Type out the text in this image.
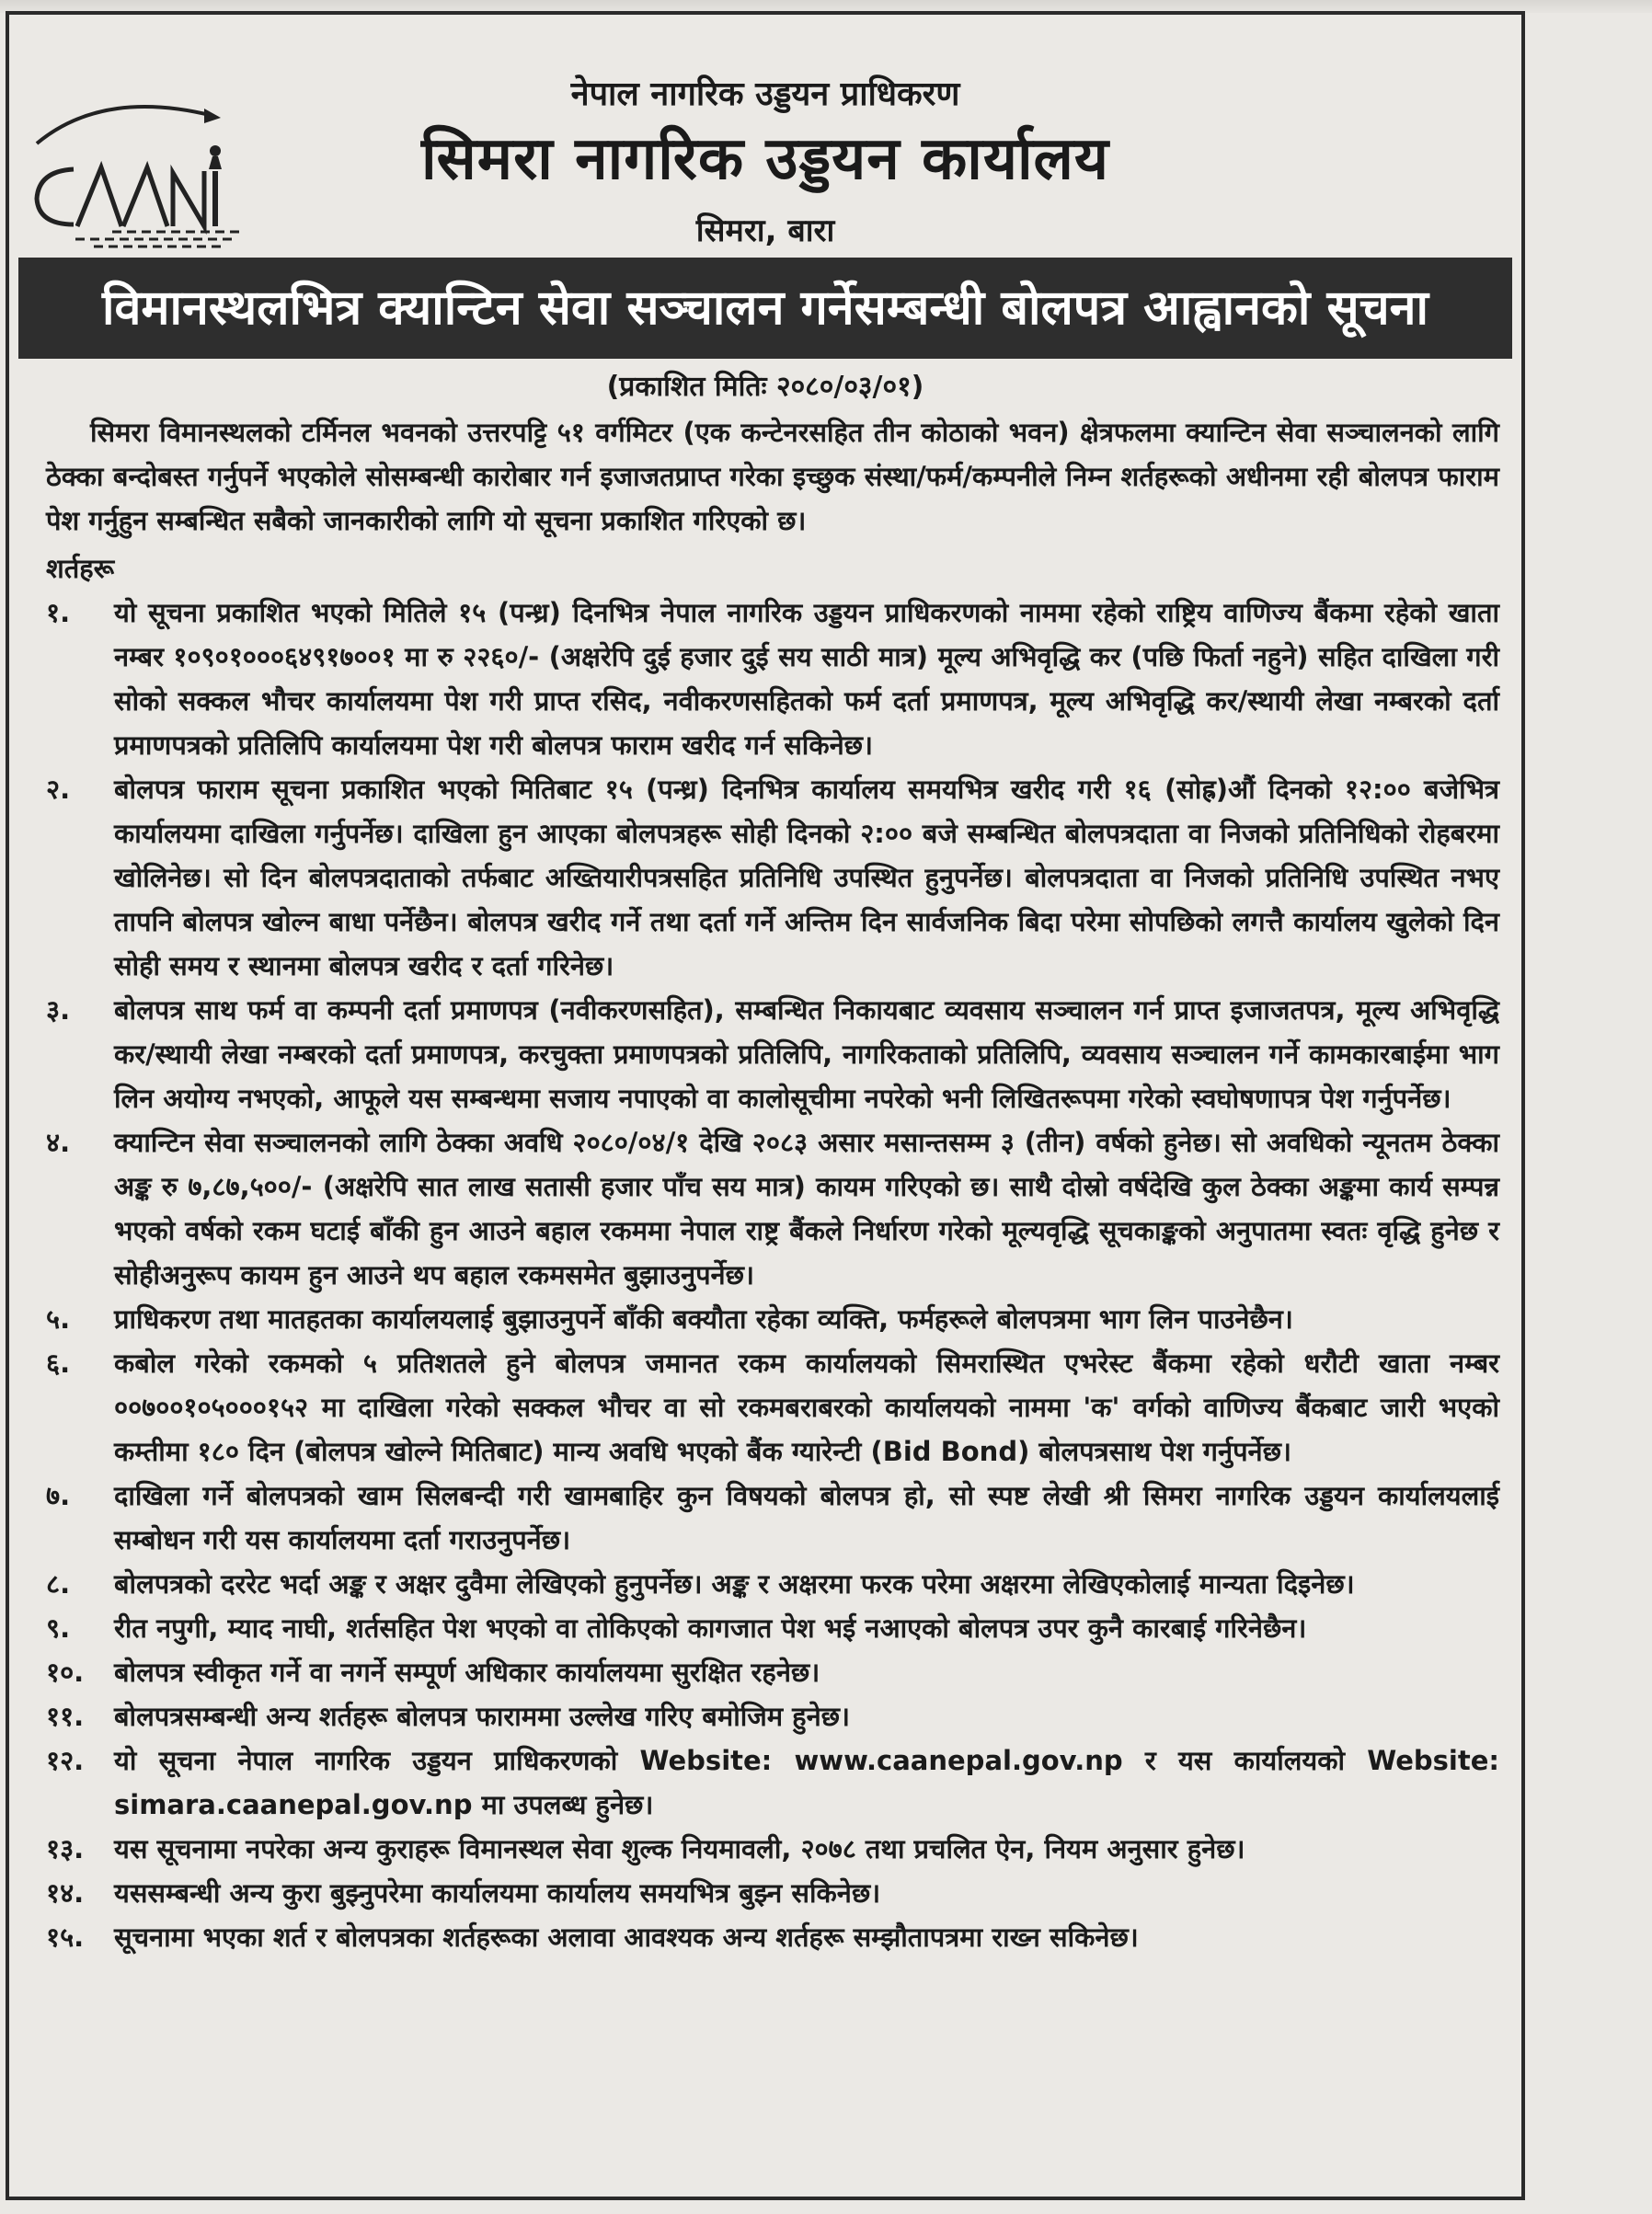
नेपाल नागरिक उड्डयन प्राधिकरण
सिमरा नागरिक उड्डयन कार्यालय
सिमरा, बारा
विमानस्थलभित्र क्यान्टिन सेवा सञ्चालन गर्नेसम्बन्धी बोलपत्र आह्वानको सूचना
(प्रकाशित मितिः २०८०/०३/०१)

सिमरा विमानस्थलको टर्मिनल भवनको उत्तरपट्टि ५१ वर्गमिटर (एक कन्टेनरसहित तीन कोठाको भवन) क्षेत्रफलमा क्यान्टिन सेवा सञ्चालनको लागि ठेक्का बन्दोबस्त गर्नुपर्ने भएकोले सोसम्बन्धी कारोबार गर्न इजाजतप्राप्त गरेका इच्छुक संस्था/फर्म/कम्पनीले निम्न शर्तहरूको अधीनमा रही बोलपत्र फाराम पेश गर्नुहुन सम्बन्धित सबैको जानकारीको लागि यो सूचना प्रकाशित गरिएको छ।

शर्तहरू
१.	यो सूचना प्रकाशित भएको मितिले १५ (पन्ध्र) दिनभित्र नेपाल नागरिक उड्डयन प्राधिकरणको नाममा रहेको राष्ट्रिय वाणिज्य बैंकमा रहेको खाता नम्बर १०९०१०००६४९१७००१ मा रु २२६०/- (अक्षरेपि दुई हजार दुई सय साठी मात्र) मूल्य अभिवृद्धि कर (पछि फिर्ता नहुने) सहित दाखिला गरी सोको सक्कल भौचर कार्यालयमा पेश गरी प्राप्त रसिद, नवीकरणसहितको फर्म दर्ता प्रमाणपत्र, मूल्य अभिवृद्धि कर/स्थायी लेखा नम्बरको दर्ता प्रमाणपत्रको प्रतिलिपि कार्यालयमा पेश गरी बोलपत्र फाराम खरीद गर्न सकिनेछ।
२.	बोलपत्र फाराम सूचना प्रकाशित भएको मितिबाट १५ (पन्ध्र) दिनभित्र कार्यालय समयभित्र खरीद गरी १६ (सोह्र)औं दिनको १२:०० बजेभित्र कार्यालयमा दाखिला गर्नुपर्नेछ। दाखिला हुन आएका बोलपत्रहरू सोही दिनको २:०० बजे सम्बन्धित बोलपत्रदाता वा निजको प्रतिनिधिको रोहबरमा खोलिनेछ। सो दिन बोलपत्रदाताको तर्फबाट अख्तियारीपत्रसहित प्रतिनिधि उपस्थित हुनुपर्नेछ। बोलपत्रदाता वा निजको प्रतिनिधि उपस्थित नभए तापनि बोलपत्र खोल्न बाधा पर्नेछैन। बोलपत्र खरीद गर्ने तथा दर्ता गर्ने अन्तिम दिन सार्वजनिक बिदा परेमा सोपछिको लगत्तै कार्यालय खुलेको दिन सोही समय र स्थानमा बोलपत्र खरीद र दर्ता गरिनेछ।
३.	बोलपत्र साथ फर्म वा कम्पनी दर्ता प्रमाणपत्र (नवीकरणसहित), सम्बन्धित निकायबाट व्यवसाय सञ्चालन गर्न प्राप्त इजाजतपत्र, मूल्य अभिवृद्धि कर/स्थायी लेखा नम्बरको दर्ता प्रमाणपत्र, करचुक्ता प्रमाणपत्रको प्रतिलिपि, नागरिकताको प्रतिलिपि, व्यवसाय सञ्चालन गर्ने कामकारबाईमा भाग लिन अयोग्य नभएको, आफूले यस सम्बन्धमा सजाय नपाएको वा कालोसूचीमा नपरेको भनी लिखितरूपमा गरेको स्वघोषणापत्र पेश गर्नुपर्नेछ।
४.	क्यान्टिन सेवा सञ्चालनको लागि ठेक्का अवधि २०८०/०४/१ देखि २०८३ असार मसान्तसम्म ३ (तीन) वर्षको हुनेछ। सो अवधिको न्यूनतम ठेक्का अङ्क रु ७,८७,५००/- (अक्षरेपि सात लाख सतासी हजार पाँच सय मात्र) कायम गरिएको छ। साथै दोस्रो वर्षदेखि कुल ठेक्का अङ्कमा कार्य सम्पन्न भएको वर्षको रकम घटाई बाँकी हुन आउने बहाल रकममा नेपाल राष्ट्र बैंकले निर्धारण गरेको मूल्यवृद्धि सूचकाङ्कको अनुपातमा स्वतः वृद्धि हुनेछ र सोहीअनुरूप कायम हुन आउने थप बहाल रकमसमेत बुझाउनुपर्नेछ।
५.	प्राधिकरण तथा मातहतका कार्यालयलाई बुझाउनुपर्ने बाँकी बक्यौता रहेका व्यक्ति, फर्महरूले बोलपत्रमा भाग लिन पाउनेछैन।
६.	कबोल गरेको रकमको ५ प्रतिशतले हुने बोलपत्र जमानत रकम कार्यालयको सिमरास्थित एभरेस्ट बैंकमा रहेको धरौटी खाता नम्बर ००७००१०५०००१५२ मा दाखिला गरेको सक्कल भौचर वा सो रकमबराबरको कार्यालयको नाममा 'क' वर्गको वाणिज्य बैंकबाट जारी भएको कम्तीमा १८० दिन (बोलपत्र खोल्ने मितिबाट) मान्य अवधि भएको बैंक ग्यारेन्टी (Bid Bond) बोलपत्रसाथ पेश गर्नुपर्नेछ।
७.	दाखिला गर्ने बोलपत्रको खाम सिलबन्दी गरी खामबाहिर कुन विषयको बोलपत्र हो, सो स्पष्ट लेखी श्री सिमरा नागरिक उड्डयन कार्यालयलाई सम्बोधन गरी यस कार्यालयमा दर्ता गराउनुपर्नेछ।
८.	बोलपत्रको दररेट भर्दा अङ्क र अक्षर दुवैमा लेखिएको हुनुपर्नेछ। अङ्क र अक्षरमा फरक परेमा अक्षरमा लेखिएकोलाई मान्यता दिइनेछ।
९.	रीत नपुगी, म्याद नाघी, शर्तसहित पेश भएको वा तोकिएको कागजात पेश भई नआएको बोलपत्र उपर कुनै कारबाई गरिनेछैन।
१०.	बोलपत्र स्वीकृत गर्ने वा नगर्ने सम्पूर्ण अधिकार कार्यालयमा सुरक्षित रहनेछ।
११.	बोलपत्रसम्बन्धी अन्य शर्तहरू बोलपत्र फाराममा उल्लेख गरिए बमोजिम हुनेछ।
१२.	यो सूचना नेपाल नागरिक उड्डयन प्राधिकरणको Website: www.caanepal.gov.np र यस कार्यालयको Website: simara.caanepal.gov.np मा उपलब्ध हुनेछ।
१३.	यस सूचनामा नपरेका अन्य कुराहरू विमानस्थल सेवा शुल्क नियमावली, २०७८ तथा प्रचलित ऐन, नियम अनुसार हुनेछ।
१४.	यससम्बन्धी अन्य कुरा बुझ्नुपरेमा कार्यालयमा कार्यालय समयभित्र बुझ्न सकिनेछ।
१५.	सूचनामा भएका शर्त र बोलपत्रका शर्तहरूका अलावा आवश्यक अन्य शर्तहरू सम्झौतापत्रमा राख्न सकिनेछ।
